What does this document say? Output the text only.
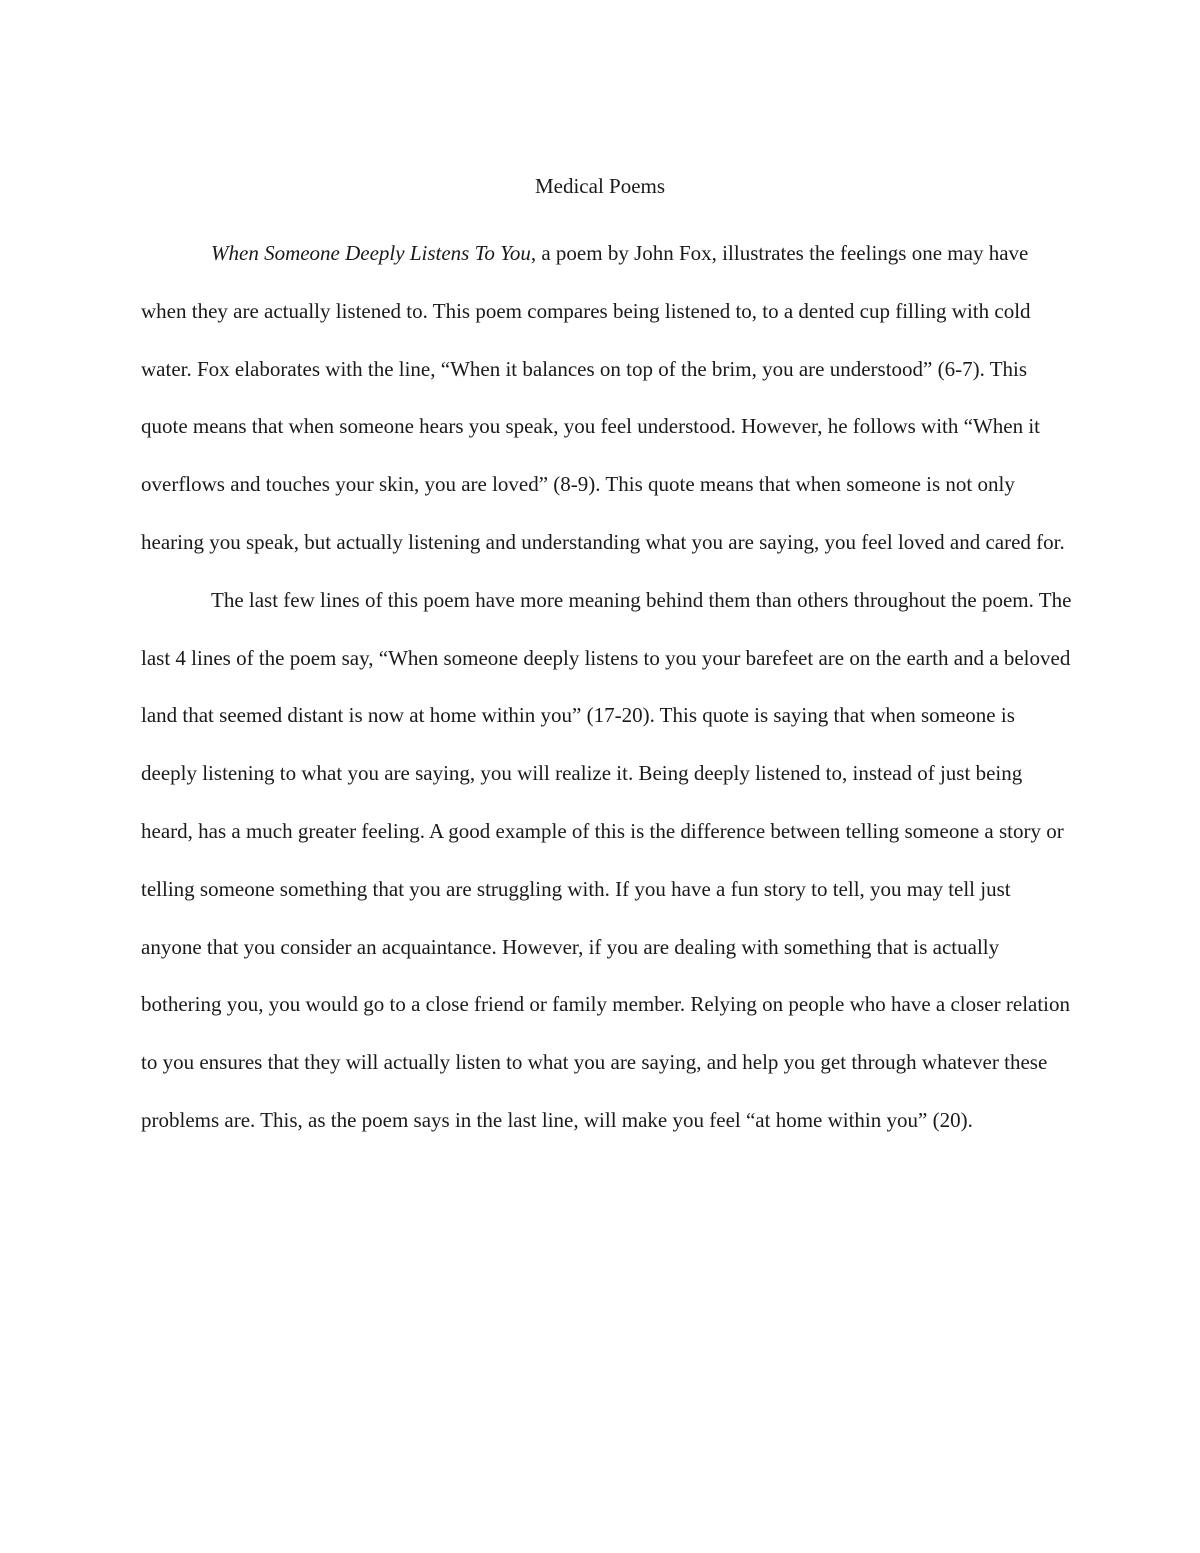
Medical Poems

When Someone Deeply Listens To You, a poem by John Fox, illustrates the feelings one may have when they are actually listened to. This poem compares being listened to, to a dented cup filling with cold water. Fox elaborates with the line, “When it balances on top of the brim, you are understood” (6-7). This quote means that when someone hears you speak, you feel understood. However, he follows with “When it overflows and touches your skin, you are loved” (8-9). This quote means that when someone is not only hearing you speak, but actually listening and understanding what you are saying, you feel loved and cared for.

The last few lines of this poem have more meaning behind them than others throughout the poem. The last 4 lines of the poem say, “When someone deeply listens to you your barefeet are on the earth and a beloved land that seemed distant is now at home within you” (17-20). This quote is saying that when someone is deeply listening to what you are saying, you will realize it. Being deeply listened to, instead of just being heard, has a much greater feeling. A good example of this is the difference between telling someone a story or telling someone something that you are struggling with. If you have a fun story to tell, you may tell just anyone that you consider an acquaintance. However, if you are dealing with something that is actually bothering you, you would go to a close friend or family member. Relying on people who have a closer relation to you ensures that they will actually listen to what you are saying, and help you get through whatever these problems are. This, as the poem says in the last line, will make you feel “at home within you” (20).
